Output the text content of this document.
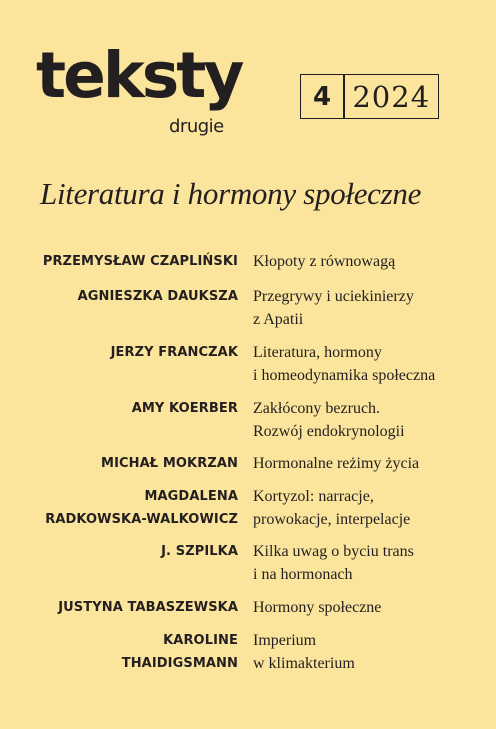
teksty
drugie
4 2024
Literatura i hormony społeczne
PRZEMYSŁAW CZAPLIŃSKI Kłopoty z równowagą
AGNIESZKA DAUKSZA Przegrywy i uciekinierzy
z Apatii
JERZY FRANCZAK Literatura, hormony
i homeodynamika społeczna
AMY KOERBER Zakłócony bezruch.
Rozwój endokrynologii
MICHAŁ MOKRZAN Hormonalne reżimy życia
MAGDALENA
RADKOWSKA-WALKOWICZ
Kortyzol: narracje,
prowokacje, interpelacje
J. SZPILKA Kilka uwag o byciu trans
i na hormonach
JUSTYNA TABASZEWSKA Hormony społeczne
KAROLINE
THAIDIGSMANN
Imperium
w klimakterium
